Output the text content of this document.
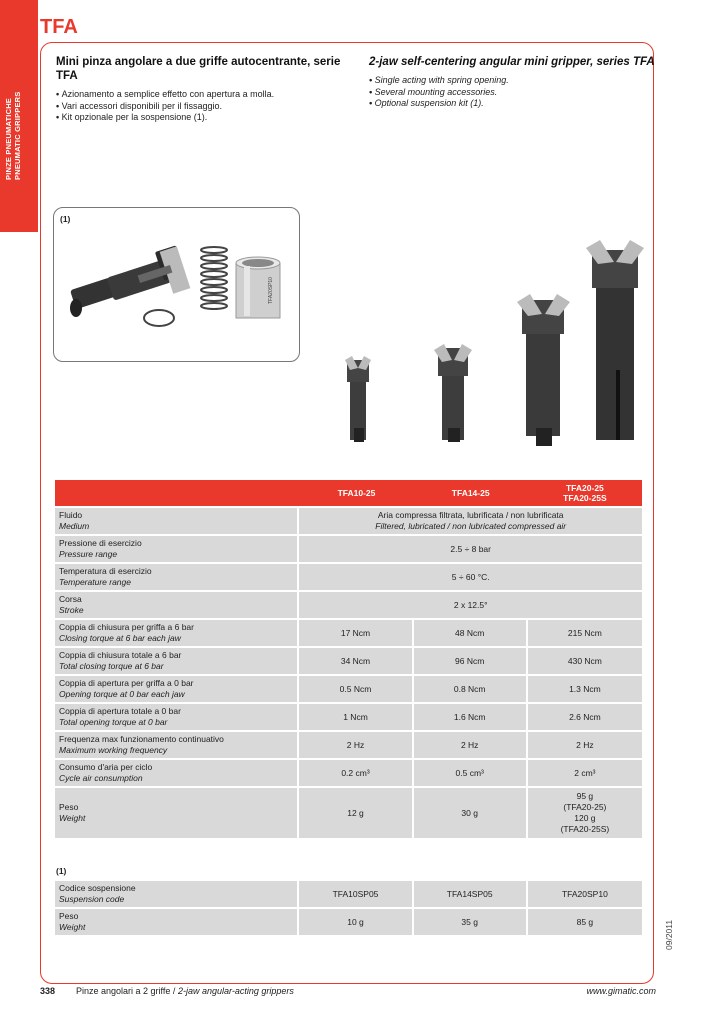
PINZE PNEUMATICHE PNEUMATIC GRIPPERS
TFA
Mini pinza angolare a due griffe autocentrante, serie TFA
• Azionamento a semplice effetto con apertura a molla.
• Vari accessori disponibili per il fissaggio.
• Kit opzionale per la sospensione (1).
2-jaw self-centering angular mini gripper, series TFA
• Single acting with spring opening.
• Several mounting accessories.
• Optional suspension kit (1).
(1)
TFA20SP10
	TFA10-25	TFA14-25	TFA20-25
TFA20-25S

Fluido
Medium	Aria compressa filtrata, lubrificata / non lubrificata
Filtered, lubricated / non lubricated compressed air		

Pressione di esercizio
Pressure range	2.5 ÷ 8 bar		

Temperatura di esercizio
Temperature range	5 ÷ 60 °C.		

Corsa
Stroke	2 x 12.5°		

Coppia di chiusura per griffa a 6 bar
Closing torque at 6 bar each jaw	17 Ncm	48 Ncm	215 Ncm

Coppia di chiusura totale a 6 bar
Total closing torque at 6 bar	34 Ncm	96 Ncm	430 Ncm

Coppia di apertura per griffa a 0 bar
Opening torque at 0 bar each jaw	0.5 Ncm	0.8 Ncm	1.3 Ncm

Coppia di apertura totale a 0 bar
Total opening torque at 0 bar	1 Ncm	1.6 Ncm	2.6 Ncm

Frequenza max funzionamento continuativo
Maximum working frequency	2 Hz	2 Hz	2 Hz

Consumo d'aria per ciclo
Cycle air consumption	0.2 cm³	0.5 cm³	2 cm³

Peso
Weight	12 g	30 g	95 g
(TFA20-25)
120 g
(TFA20-25S)
(1)
Codice sospensione
Suspension code	TFA10SP05	TFA14SP05	TFA20SP10

Peso
Weight	10 g	35 g	85 g	09/2011
338 Pinze angolari a 2 griffe / 2-jaw angular-acting grippers	www.gimatic.com
